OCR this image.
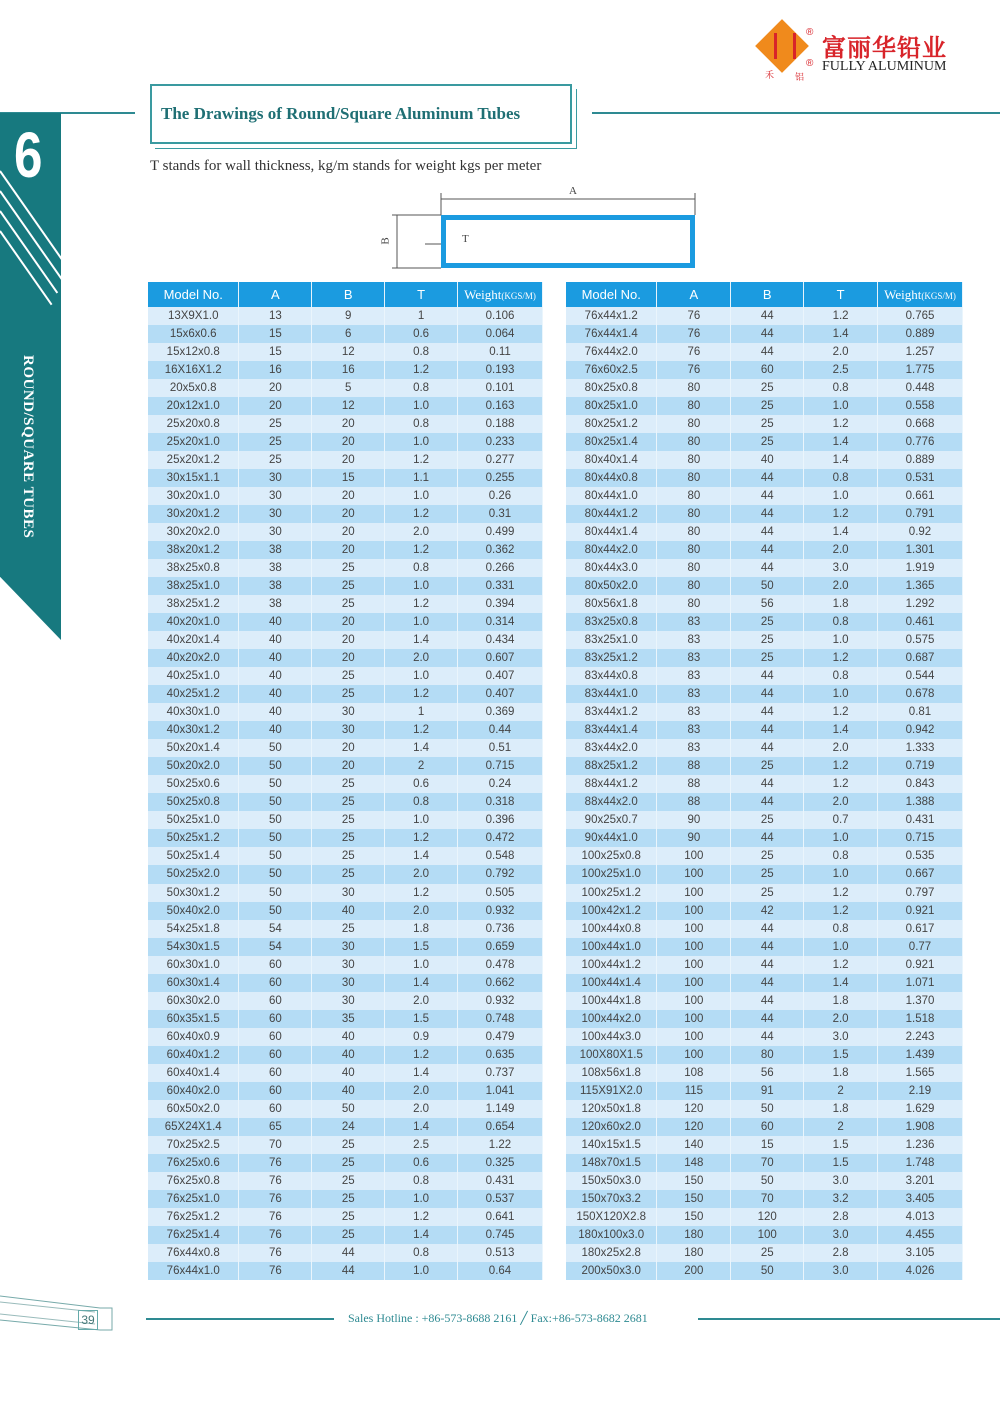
6
ROUND/SQUARE TUBES
®
®
禾 铝
富丽华铅业
FULLY ALUMINUM
The Drawings of Round/Square Aluminum Tubes
T stands for wall thickness, kg/m stands for weight kgs per meter
A
B	T
Model No.	A	B	T	Weight(KGS/M)
13X9X1.0	13	9	1	0.106
15x6x0.6	15	6	0.6	0.064
15x12x0.8	15	12	0.8	0.11
16X16X1.2	16	16	1.2	0.193
20x5x0.8	20	5	0.8	0.101
20x12x1.0	20	12	1.0	0.163
25x20x0.8	25	20	0.8	0.188
25x20x1.0	25	20	1.0	0.233
25x20x1.2	25	20	1.2	0.277
30x15x1.1	30	15	1.1	0.255
30x20x1.0	30	20	1.0	0.26
30x20x1.2	30	20	1.2	0.31
30x20x2.0	30	20	2.0	0.499
38x20x1.2	38	20	1.2	0.362
38x25x0.8	38	25	0.8	0.266
38x25x1.0	38	25	1.0	0.331
38x25x1.2	38	25	1.2	0.394
40x20x1.0	40	20	1.0	0.314
40x20x1.4	40	20	1.4	0.434
40x20x2.0	40	20	2.0	0.607
40x25x1.0	40	25	1.0	0.407
40x25x1.2	40	25	1.2	0.407
40x30x1.0	40	30	1	0.369
40x30x1.2	40	30	1.2	0.44
50x20x1.4	50	20	1.4	0.51
50x20x2.0	50	20	2	0.715
50x25x0.6	50	25	0.6	0.24
50x25x0.8	50	25	0.8	0.318
50x25x1.0	50	25	1.0	0.396
50x25x1.2	50	25	1.2	0.472
50x25x1.4	50	25	1.4	0.548
50x25x2.0	50	25	2.0	0.792
50x30x1.2	50	30	1.2	0.505
50x40x2.0	50	40	2.0	0.932
54x25x1.8	54	25	1.8	0.736
54x30x1.5	54	30	1.5	0.659
60x30x1.0	60	30	1.0	0.478
60x30x1.4	60	30	1.4	0.662
60x30x2.0	60	30	2.0	0.932
60x35x1.5	60	35	1.5	0.748
60x40x0.9	60	40	0.9	0.479
60x40x1.2	60	40	1.2	0.635
60x40x1.4	60	40	1.4	0.737
60x40x2.0	60	40	2.0	1.041
60x50x2.0	60	50	2.0	1.149
65X24X1.4	65	24	1.4	0.654
70x25x2.5	70	25	2.5	1.22
76x25x0.6	76	25	0.6	0.325
76x25x0.8	76	25	0.8	0.431
76x25x1.0	76	25	1.0	0.537
76x25x1.2	76	25	1.2	0.641
76x25x1.4	76	25	1.4	0.745
76x44x0.8	76	44	0.8	0.513
76x44x1.0	76	44	1.0	0.64
Model No.	A	B	T	Weight(KGS/M)
76x44x1.2	76	44	1.2	0.765
76x44x1.4	76	44	1.4	0.889
76x44x2.0	76	44	2.0	1.257
76x60x2.5	76	60	2.5	1.775
80x25x0.8	80	25	0.8	0.448
80x25x1.0	80	25	1.0	0.558
80x25x1.2	80	25	1.2	0.668
80x25x1.4	80	25	1.4	0.776
80x40x1.4	80	40	1.4	0.889
80x44x0.8	80	44	0.8	0.531
80x44x1.0	80	44	1.0	0.661
80x44x1.2	80	44	1.2	0.791
80x44x1.4	80	44	1.4	0.92
80x44x2.0	80	44	2.0	1.301
80x44x3.0	80	44	3.0	1.919
80x50x2.0	80	50	2.0	1.365
80x56x1.8	80	56	1.8	1.292
83x25x0.8	83	25	0.8	0.461
83x25x1.0	83	25	1.0	0.575
83x25x1.2	83	25	1.2	0.687
83x44x0.8	83	44	0.8	0.544
83x44x1.0	83	44	1.0	0.678
83x44x1.2	83	44	1.2	0.81
83x44x1.4	83	44	1.4	0.942
83x44x2.0	83	44	2.0	1.333
88x25x1.2	88	25	1.2	0.719
88x44x1.2	88	44	1.2	0.843
88x44x2.0	88	44	2.0	1.388
90x25x0.7	90	25	0.7	0.431
90x44x1.0	90	44	1.0	0.715
100x25x0.8	100	25	0.8	0.535
100x25x1.0	100	25	1.0	0.667
100x25x1.2	100	25	1.2	0.797
100x42x1.2	100	42	1.2	0.921
100x44x0.8	100	44	0.8	0.617
100x44x1.0	100	44	1.0	0.77
100x44x1.2	100	44	1.2	0.921
100x44x1.4	100	44	1.4	1.071
100x44x1.8	100	44	1.8	1.370
100x44x2.0	100	44	2.0	1.518
100x44x3.0	100	44	3.0	2.243
100X80X1.5	100	80	1.5	1.439
108x56x1.8	108	56	1.8	1.565
115X91X2.0	115	91	2	2.19
120x50x1.8	120	50	1.8	1.629
120x60x2.0	120	60	2	1.908
140x15x1.5	140	15	1.5	1.236
148x70x1.5	148	70	1.5	1.748
150x50x3.0	150	50	3.0	3.201
150x70x3.2	150	70	3.2	3.405
150X120X2.8	150	120	2.8	4.013
180x100x3.0	180	100	3.0	4.455
180x25x2.8	180	25	2.8	3.105
200x50x3.0	200	50	3.0	4.026
39	Sales Hotline : +86-573-8688 2161 ╱ Fax:+86-573-8682 2681
